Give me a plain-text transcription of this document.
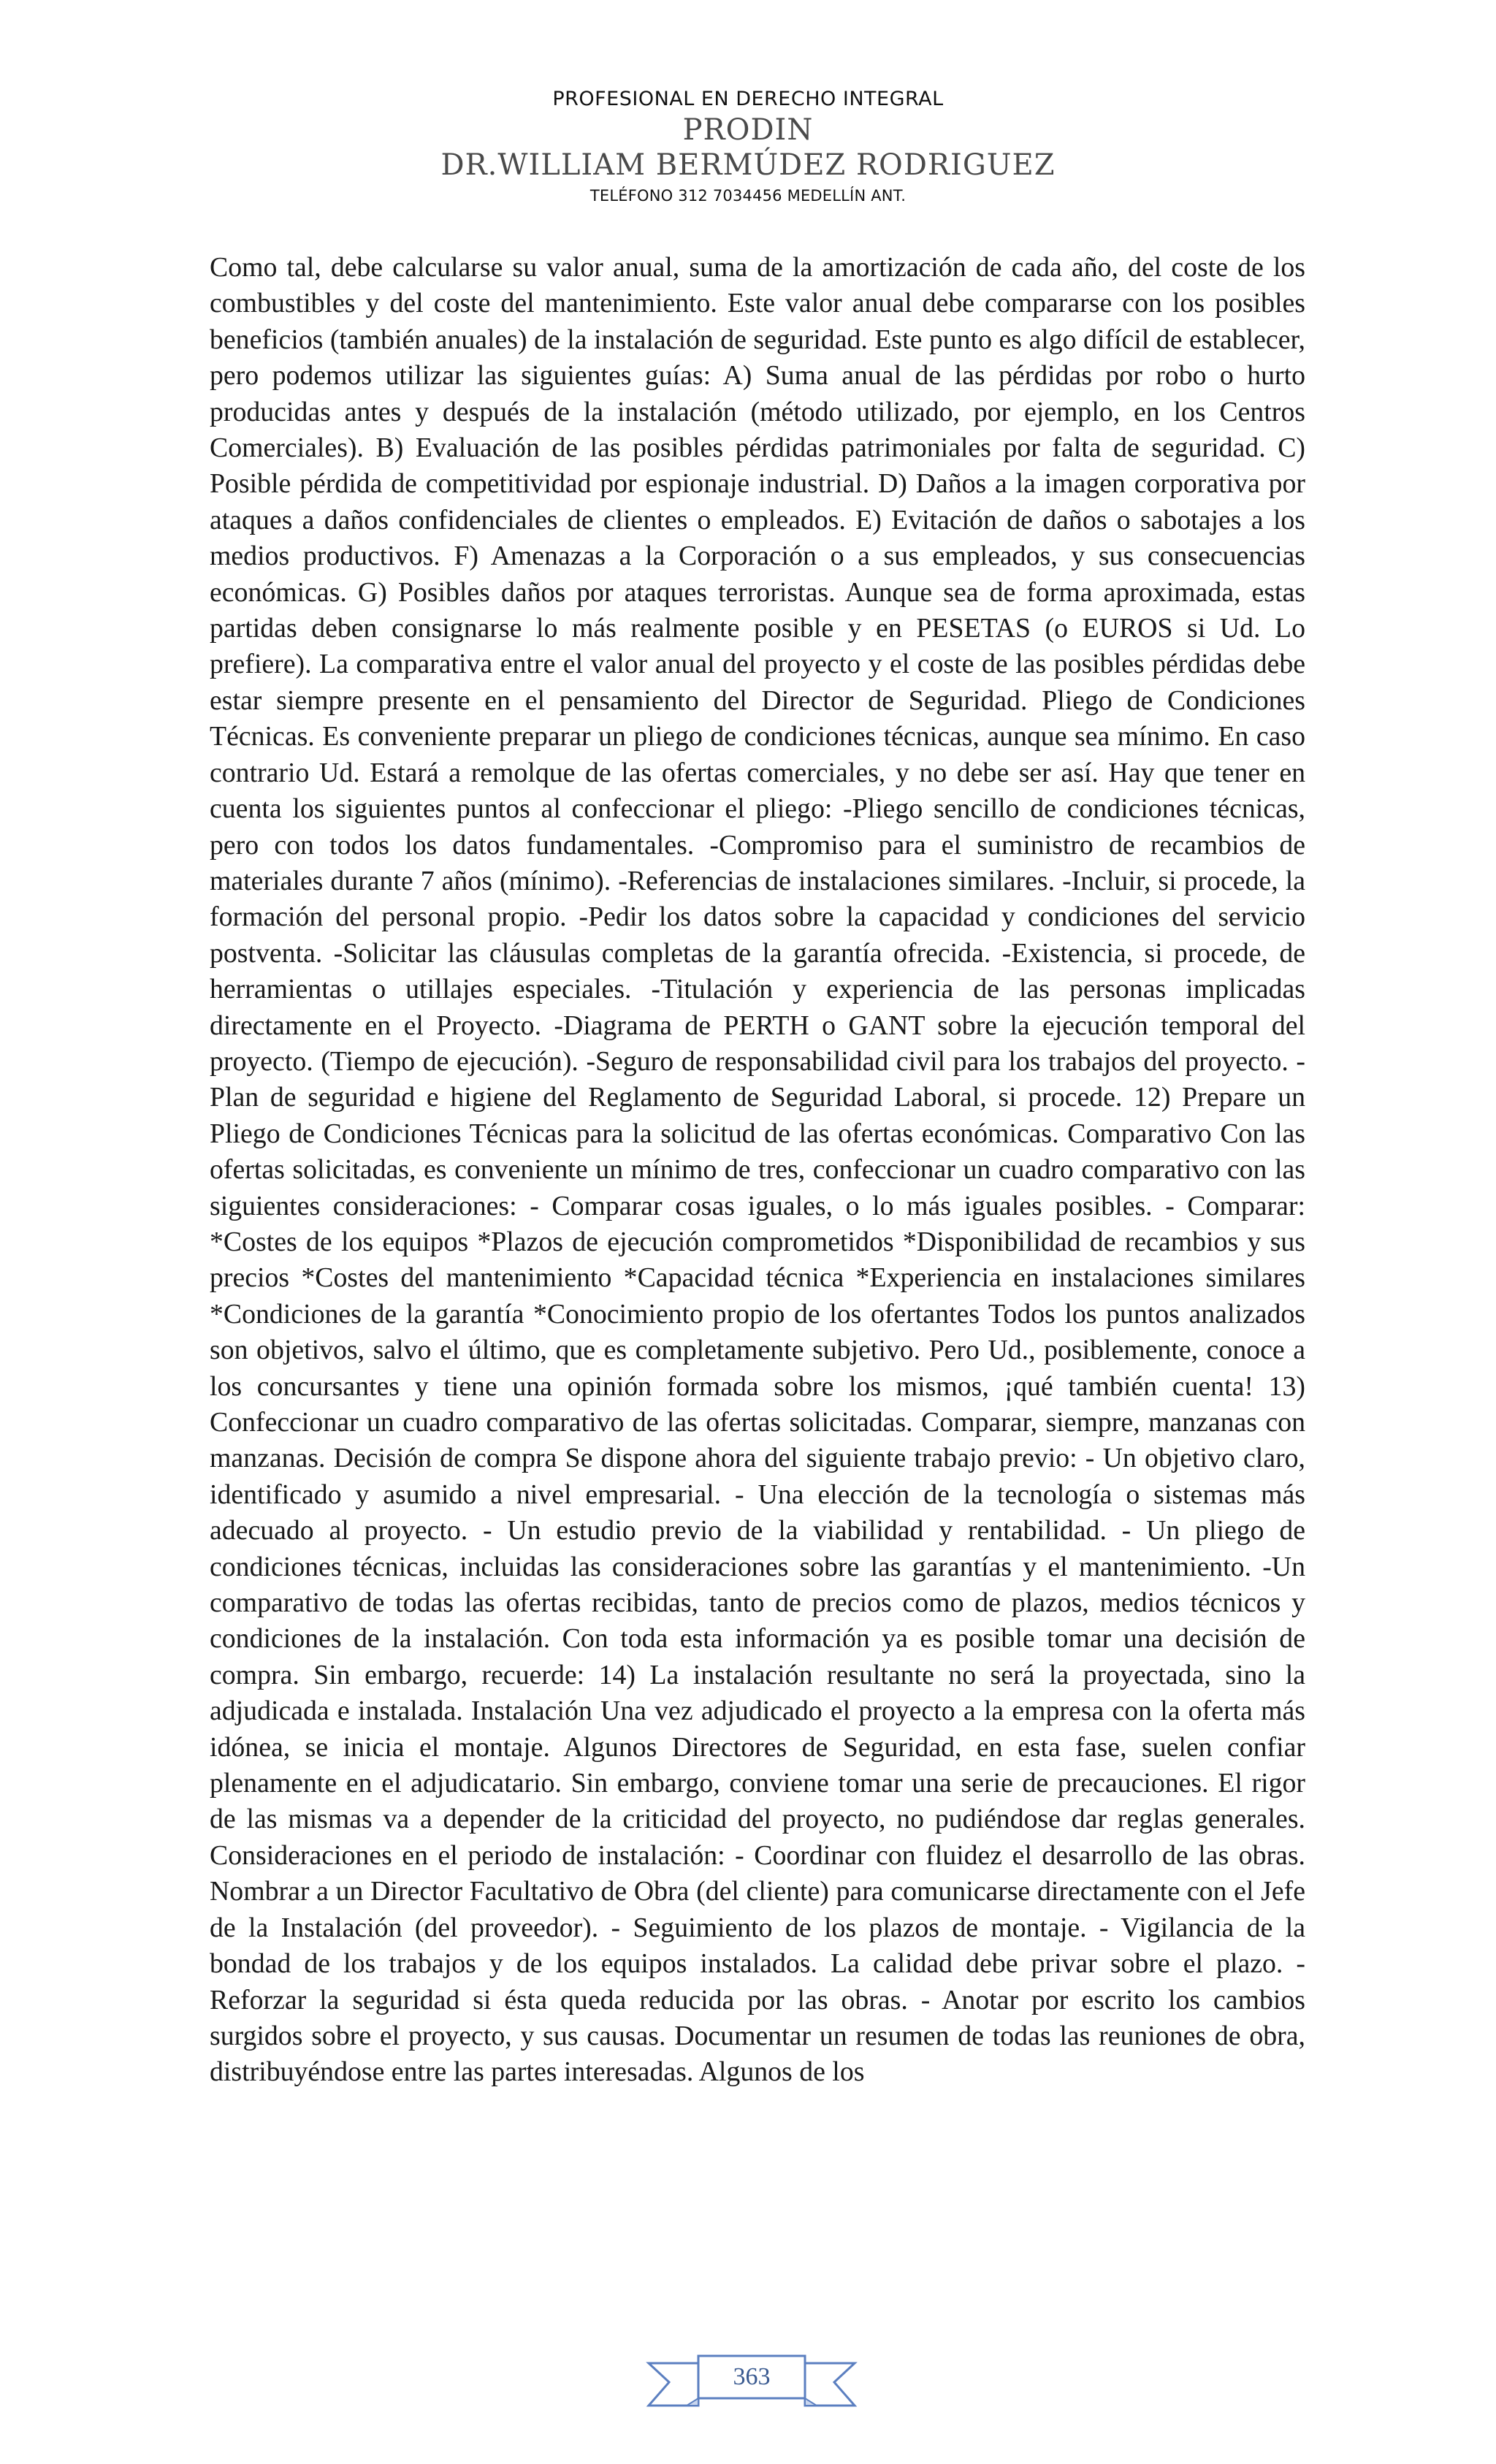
PROFESIONAL EN DERECHO INTEGRAL
PRODIN
DR.WILLIAM BERMÚDEZ RODRIGUEZ
TELÉFONO 312 7034456 MEDELLÍN ANT.

Como tal, debe calcularse su valor anual, suma de la amortización de cada año, del coste de los combustibles y del coste del mantenimiento. Este valor anual debe compararse con los posibles beneficios (también anuales) de la instalación de seguridad. Este punto es algo difícil de establecer, pero podemos utilizar las siguientes guías: A) Suma anual de las pérdidas por robo o hurto producidas antes y después de la instalación (método utilizado, por ejemplo, en los Centros Comerciales). B) Evaluación de las posibles pérdidas patrimoniales por falta de seguridad. C) Posible pérdida de competitividad por espionaje industrial. D) Daños a la imagen corporativa por ataques a daños confidenciales de clientes o empleados. E) Evitación de daños o sabotajes a los medios productivos. F) Amenazas a la Corporación o a sus empleados, y sus consecuencias económicas. G) Posibles daños por ataques terroristas. Aunque sea de forma aproximada, estas partidas deben consignarse lo más realmente posible y en PESETAS (o EUROS si Ud. Lo prefiere). La comparativa entre el valor anual del proyecto y el coste de las posibles pérdidas debe estar siempre presente en el pensamiento del Director de Seguridad. Pliego de Condiciones Técnicas. Es conveniente preparar un pliego de condiciones técnicas, aunque sea mínimo. En caso contrario Ud. Estará a remolque de las ofertas comerciales, y no debe ser así. Hay que tener en cuenta los siguientes puntos al confeccionar el pliego: -Pliego sencillo de condiciones técnicas, pero con todos los datos fundamentales. -Compromiso para el suministro de recambios de materiales durante 7 años (mínimo). -Referencias de instalaciones similares. -Incluir, si procede, la formación del personal propio. -Pedir los datos sobre la capacidad y condiciones del servicio postventa. -Solicitar las cláusulas completas de la garantía ofrecida. -Existencia, si procede, de herramientas o utillajes especiales. -Titulación y experiencia de las personas implicadas directamente en el Proyecto. -Diagrama de PERTH o GANT sobre la ejecución temporal del proyecto. (Tiempo de ejecución). -Seguro de responsabilidad civil para los trabajos del proyecto. -Plan de seguridad e higiene del Reglamento de Seguridad Laboral, si procede. 12) Prepare un Pliego de Condiciones Técnicas para la solicitud de las ofertas económicas. Comparativo Con las ofertas solicitadas, es conveniente un mínimo de tres, confeccionar un cuadro comparativo con las siguientes consideraciones: - Comparar cosas iguales, o lo más iguales posibles. - Comparar: *Costes de los equipos *Plazos de ejecución comprometidos *Disponibilidad de recambios y sus precios *Costes del mantenimiento *Capacidad técnica *Experiencia en instalaciones similares *Condiciones de la garantía *Conocimiento propio de los ofertantes Todos los puntos analizados son objetivos, salvo el último, que es completamente subjetivo. Pero Ud., posiblemente, conoce a los concursantes y tiene una opinión formada sobre los mismos, ¡qué también cuenta! 13) Confeccionar un cuadro comparativo de las ofertas solicitadas. Comparar, siempre, manzanas con manzanas. Decisión de compra Se dispone ahora del siguiente trabajo previo: - Un objetivo claro, identificado y asumido a nivel empresarial. - Una elección de la tecnología o sistemas más adecuado al proyecto. - Un estudio previo de la viabilidad y rentabilidad. - Un pliego de condiciones técnicas, incluidas las consideraciones sobre las garantías y el mantenimiento. -Un comparativo de todas las ofertas recibidas, tanto de precios como de plazos, medios técnicos y condiciones de la instalación. Con toda esta información ya es posible tomar una decisión de compra. Sin embargo, recuerde: 14) La instalación resultante no será la proyectada, sino la adjudicada e instalada. Instalación Una vez adjudicado el proyecto a la empresa con la oferta más idónea, se inicia el montaje. Algunos Directores de Seguridad, en esta fase, suelen confiar plenamente en el adjudicatario. Sin embargo, conviene tomar una serie de precauciones. El rigor de las mismas va a depender de la criticidad del proyecto, no pudiéndose dar reglas generales. Consideraciones en el periodo de instalación: - Coordinar con fluidez el desarrollo de las obras. Nombrar a un Director Facultativo de Obra (del cliente) para comunicarse directamente con el Jefe de la Instalación (del proveedor). - Seguimiento de los plazos de montaje. - Vigilancia de la bondad de los trabajos y de los equipos instalados. La calidad debe privar sobre el plazo. - Reforzar la seguridad si ésta queda reducida por las obras. - Anotar por escrito los cambios surgidos sobre el proyecto, y sus causas. Documentar un resumen de todas las reuniones de obra, distribuyéndose entre las partes interesadas. Algunos de los

363
